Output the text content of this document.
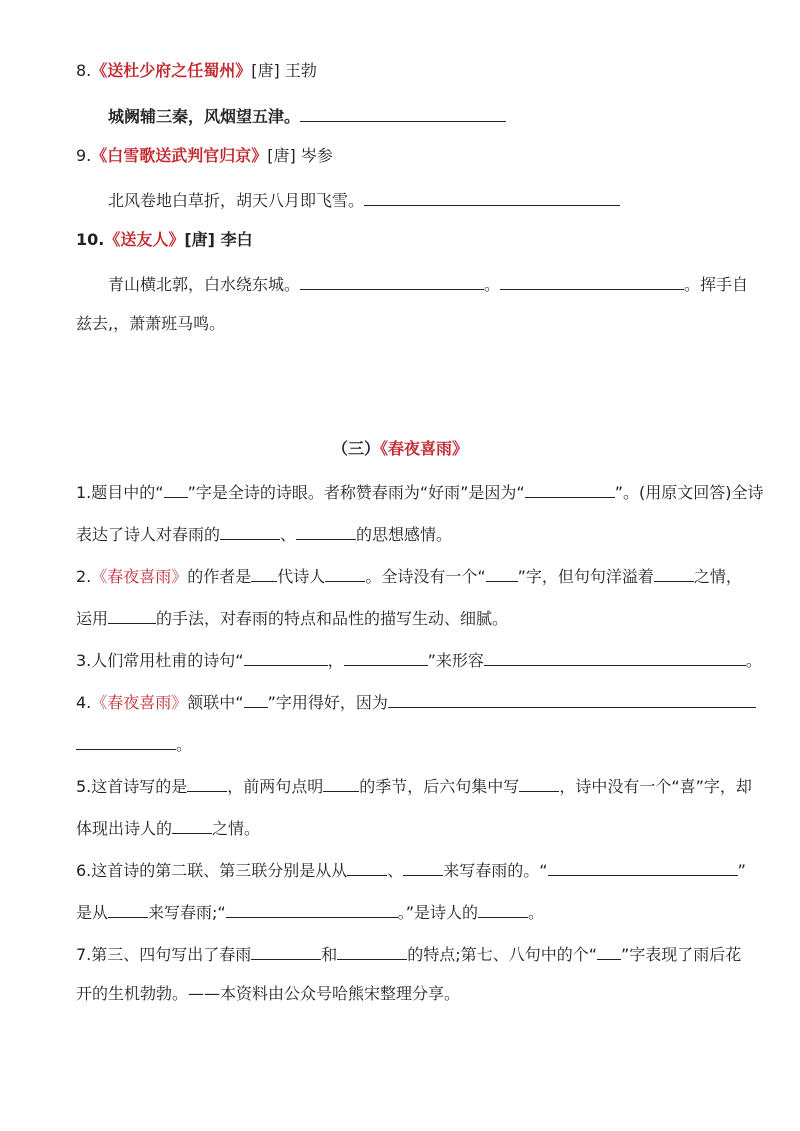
8.《送杜少府之任蜀州》[唐] 王勃
城阙辅三秦，风烟望五津。
9.《白雪歌送武判官归京》[唐] 岑参
北风卷地白草折，胡天八月即飞雪。
10.《送友人》[唐] 李白
青山横北郭，白水绕东城。	。	。挥手自
兹去,，萧萧班马鸣。
（三）《春夜喜雨》
1.题目中的“ ”字是全诗的诗眼。者称赞春雨为“好雨”是因为“	”。(用原文回答)全诗
表达了诗人对春雨的	、	的思想感情。
2.《春夜喜雨》的作者是 代诗人	。全诗没有一个“ ”字，但句句洋溢着	之情，
运用	的手法，对春雨的特点和品性的描写生动、细腻。
3.人们常用杜甫的诗句“	，	”来形容	。
4.《春夜喜雨》颔联中“ ”字用得好，因为
。
5.这首诗写的是	，前两句点明 的季节，后六句集中写	，诗中没有一个“喜”字，却
体现出诗人的	之情。
6.这首诗的第二联、第三联分别是从从	、	来写春雨的。“	”
是从	来写春雨;“	。”是诗人的	。
7.第三、四句写出了春雨	和	的特点;第七、八句中的个“ ”字表现了雨后花
开的生机勃勃。——本资料由公众号哈熊宋整理分享。
